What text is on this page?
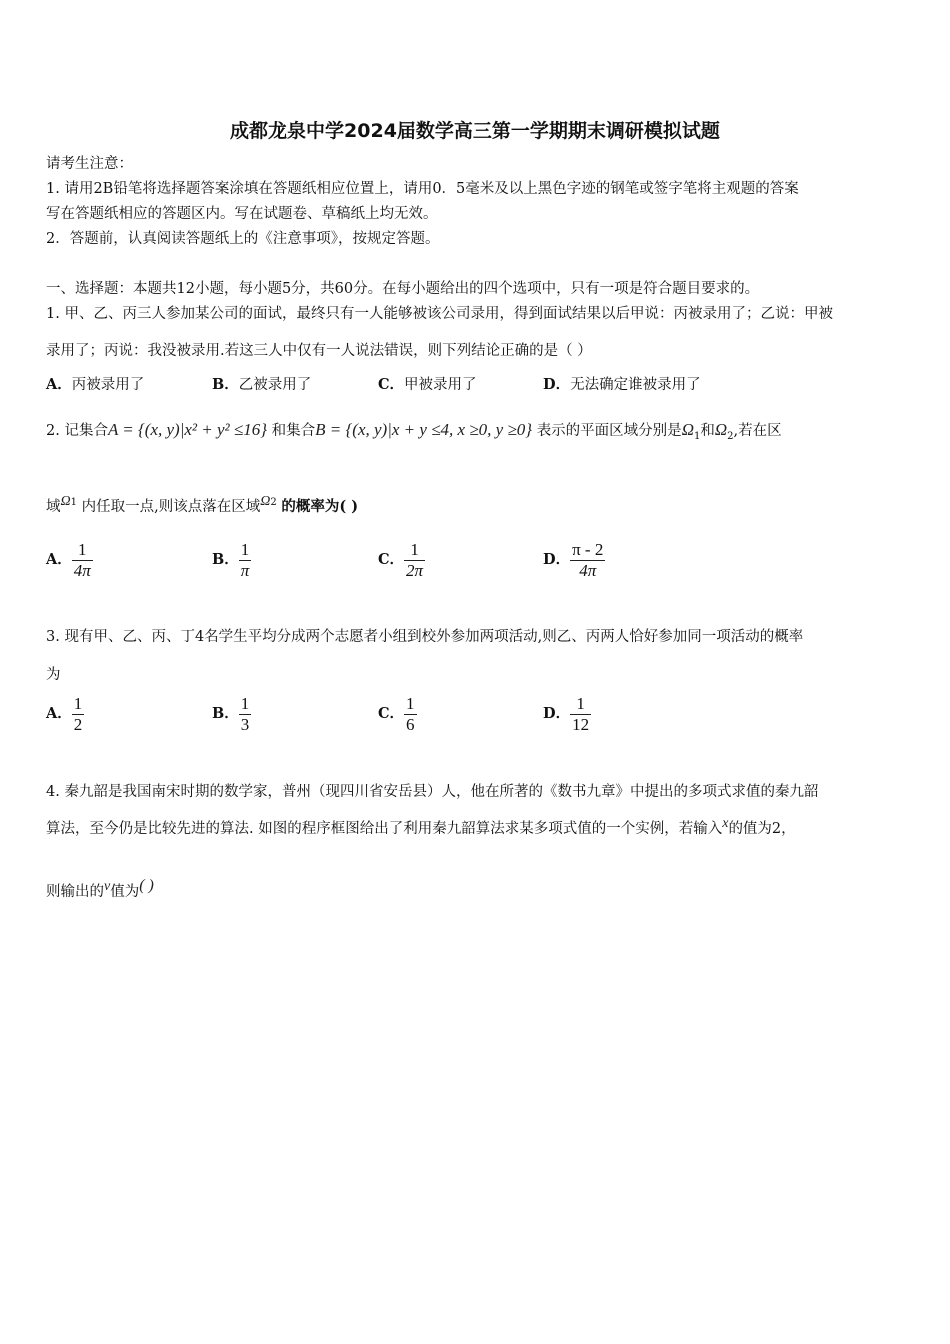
成都龙泉中学2024届数学高三第一学期期末调研模拟试题
请考生注意：
1. 请用2B铅笔将选择题答案涂填在答题纸相应位置上，请用0．5毫米及以上黑色字迹的钢笔或签字笔将主观题的答案
写在答题纸相应的答题区内。写在试题卷、草稿纸上均无效。
2．答题前，认真阅读答题纸上的《注意事项》，按规定答题。
一、选择题：本题共12小题，每小题5分，共60分。在每小题给出的四个选项中，只有一项是符合题目要求的。
1. 甲、乙、丙三人参加某公司的面试，最终只有一人能够被该公司录用，得到面试结果以后甲说：丙被录用了；乙说：甲被
录用了；丙说：我没被录用.若这三人中仅有一人说法错误，则下列结论正确的是（ ）
A．丙被录用了	B．乙被录用了	C．甲被录用了	D．无法确定谁被录用了
2. 记集合A = {(x, y)|x² + y² ≤16} 和集合B = {(x, y)|x + y ≤4, x ≥0, y ≥0} 表示的平面区域分别是$\Omega_1$和$\Omega_2$,若在区
域$\Omega^1$ 内任取一点,则该点落在区域$\Omega^2$ 的概率为( )
A． $\frac{1}{4\pi}$	B． $\frac{1}{\pi}$	C． $\frac{1}{2\pi}$	D． $\frac{\pi - 2}{4\pi}$
3. 现有甲、乙、丙、丁4名学生平均分成两个志愿者小组到校外参加两项活动,则乙、丙两人恰好参加同一项活动的概率
为
A． $\frac{1}{2}$	B． $\frac{1}{3}$	C． $\frac{1}{6}$	D． $\frac{1}{12}$
4. 秦九韶是我国南宋时期的数学家，普州（现四川省安岳县）人，他在所著的《数书九章》中提出的多项式求值的秦九韶
算法，至今仍是比较先进的算法. 如图的程序框图给出了利用秦九韶算法求某多项式值的一个实例，若输入x的值为2，
则输出的v值为( )
